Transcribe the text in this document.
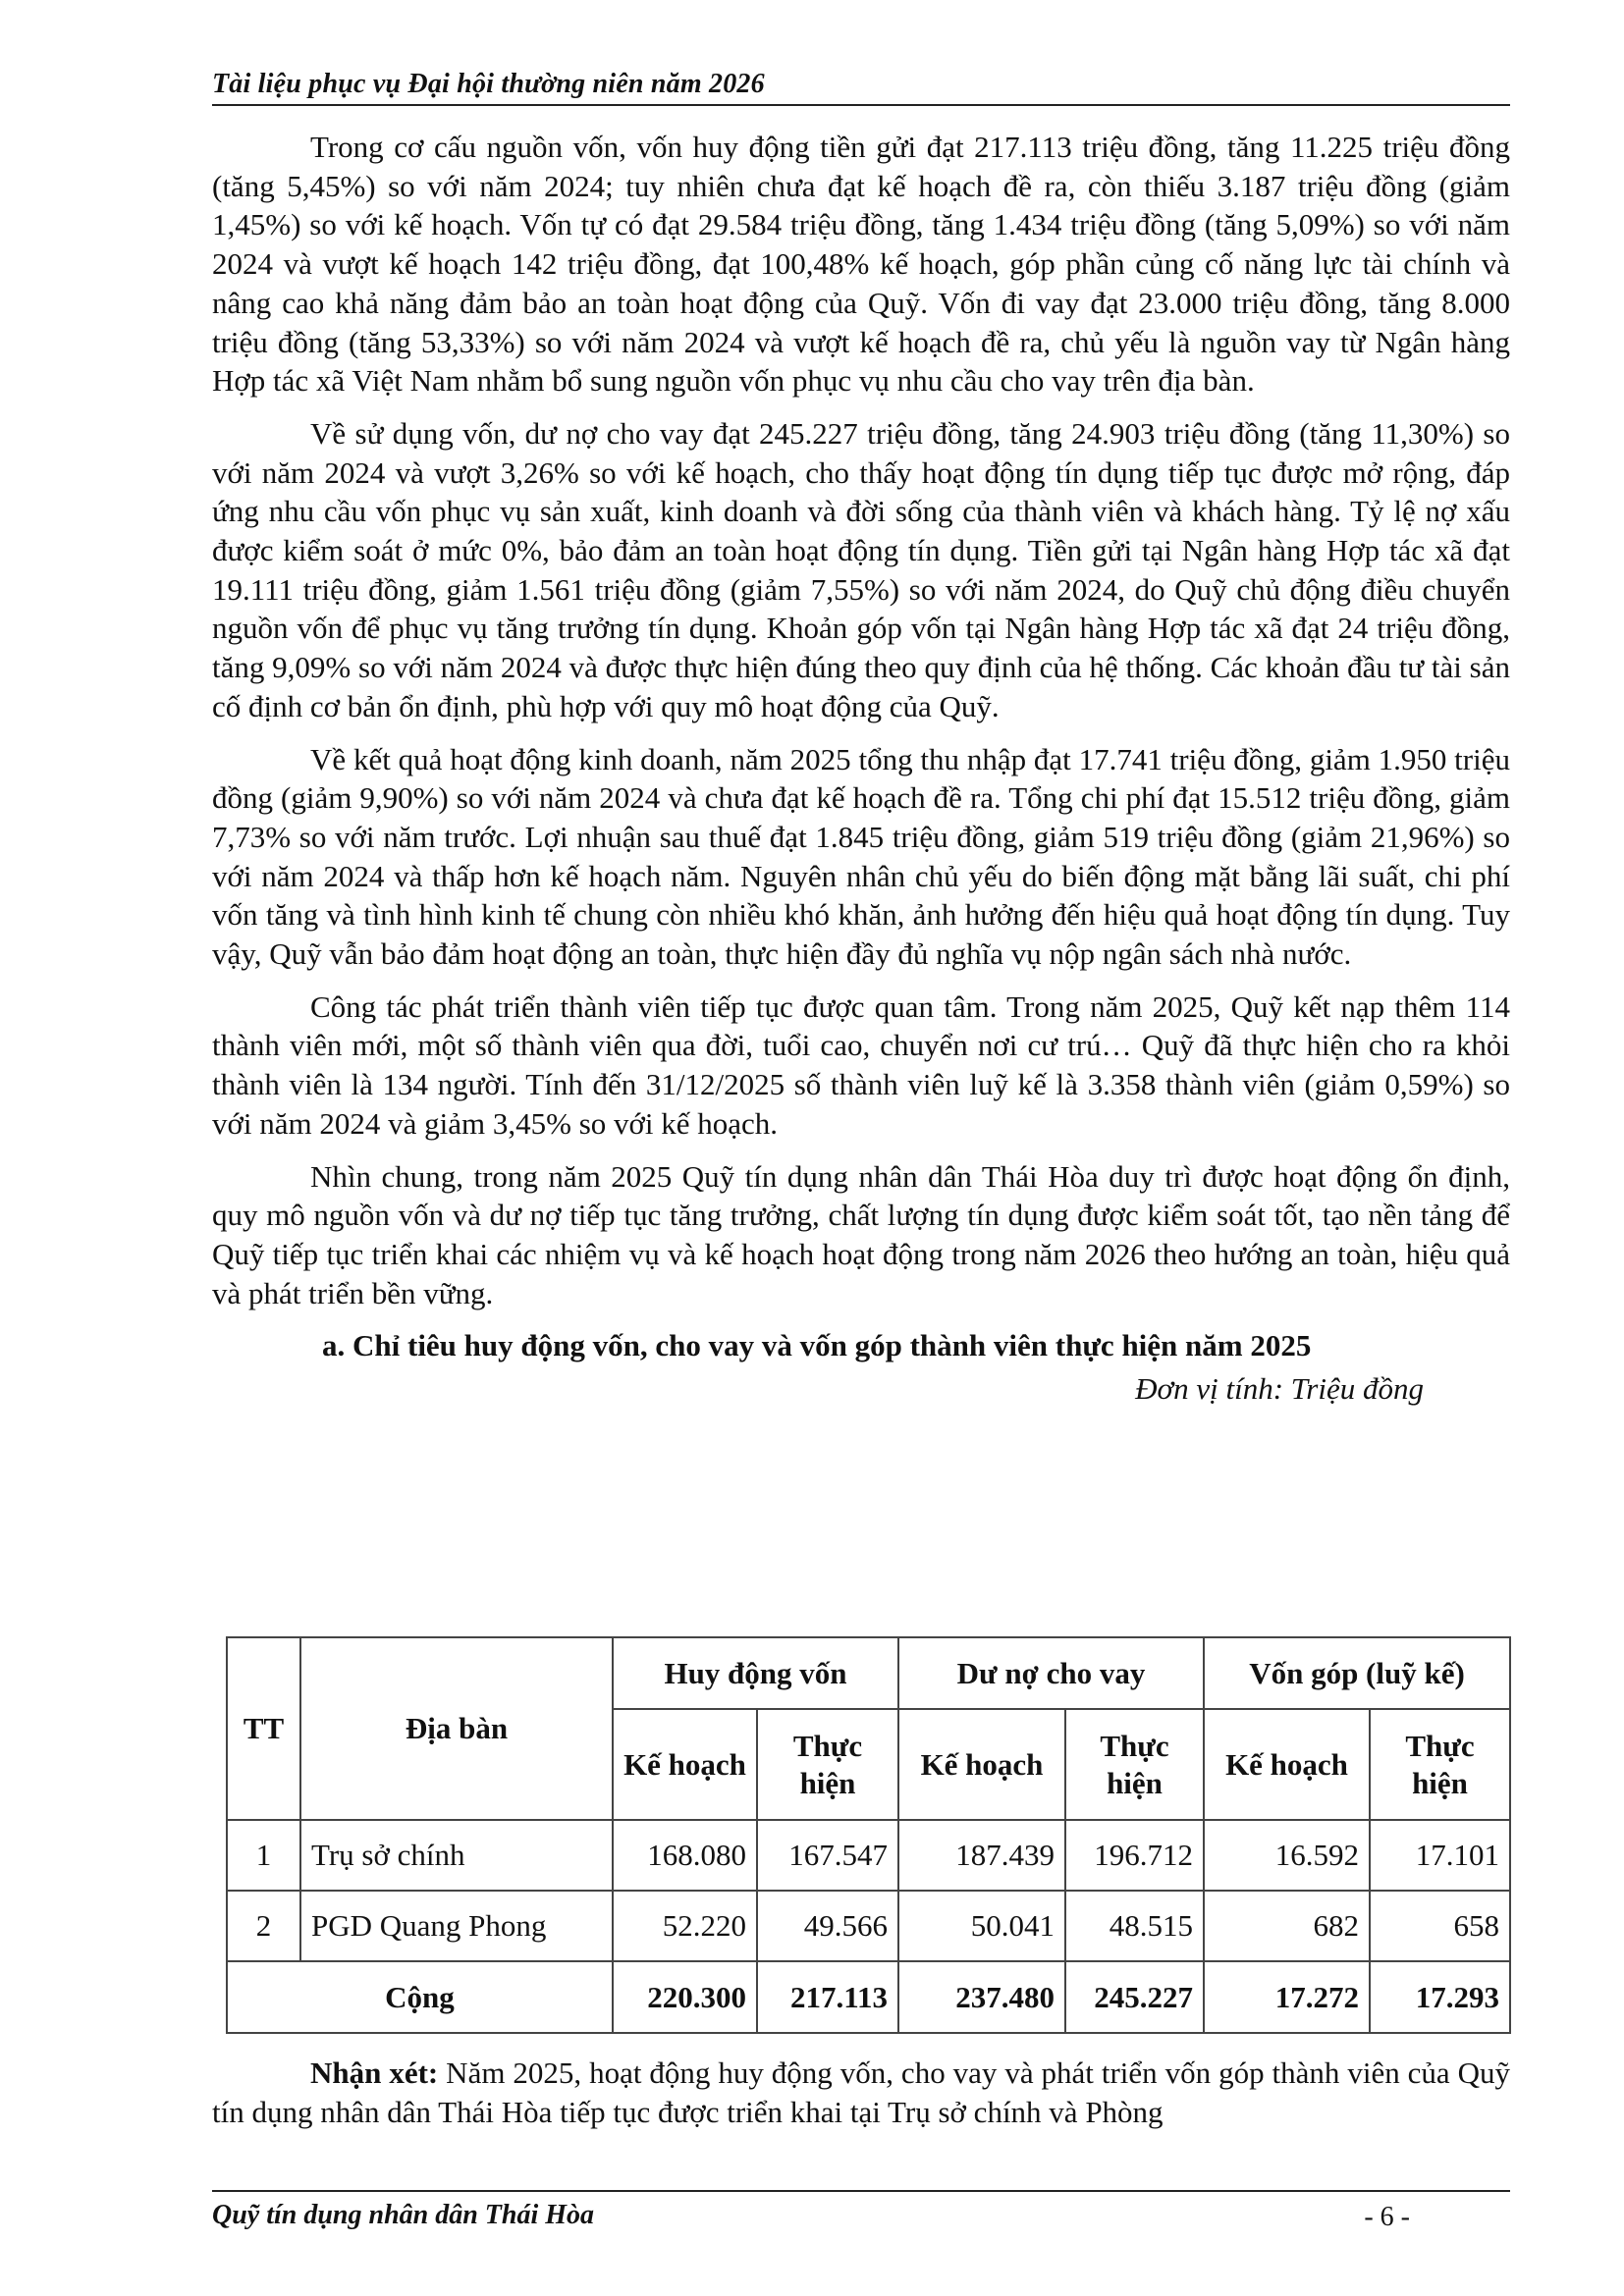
Tài liệu phục vụ Đại hội thường niên năm 2026

Trong cơ cấu nguồn vốn, vốn huy động tiền gửi đạt 217.113 triệu đồng, tăng 11.225 triệu đồng (tăng 5,45%) so với năm 2024; tuy nhiên chưa đạt kế hoạch đề ra, còn thiếu 3.187 triệu đồng (giảm 1,45%) so với kế hoạch. Vốn tự có đạt 29.584 triệu đồng, tăng 1.434 triệu đồng (tăng 5,09%) so với năm 2024 và vượt kế hoạch 142 triệu đồng, đạt 100,48% kế hoạch, góp phần củng cố năng lực tài chính và nâng cao khả năng đảm bảo an toàn hoạt động của Quỹ. Vốn đi vay đạt 23.000 triệu đồng, tăng 8.000 triệu đồng (tăng 53,33%) so với năm 2024 và vượt kế hoạch đề ra, chủ yếu là nguồn vay từ Ngân hàng Hợp tác xã Việt Nam nhằm bổ sung nguồn vốn phục vụ nhu cầu cho vay trên địa bàn.

Về sử dụng vốn, dư nợ cho vay đạt 245.227 triệu đồng, tăng 24.903 triệu đồng (tăng 11,30%) so với năm 2024 và vượt 3,26% so với kế hoạch, cho thấy hoạt động tín dụng tiếp tục được mở rộng, đáp ứng nhu cầu vốn phục vụ sản xuất, kinh doanh và đời sống của thành viên và khách hàng. Tỷ lệ nợ xấu được kiểm soát ở mức 0%, bảo đảm an toàn hoạt động tín dụng. Tiền gửi tại Ngân hàng Hợp tác xã đạt 19.111 triệu đồng, giảm 1.561 triệu đồng (giảm 7,55%) so với năm 2024, do Quỹ chủ động điều chuyển nguồn vốn để phục vụ tăng trưởng tín dụng. Khoản góp vốn tại Ngân hàng Hợp tác xã đạt 24 triệu đồng, tăng 9,09% so với năm 2024 và được thực hiện đúng theo quy định của hệ thống. Các khoản đầu tư tài sản cố định cơ bản ổn định, phù hợp với quy mô hoạt động của Quỹ.

Về kết quả hoạt động kinh doanh, năm 2025 tổng thu nhập đạt 17.741 triệu đồng, giảm 1.950 triệu đồng (giảm 9,90%) so với năm 2024 và chưa đạt kế hoạch đề ra. Tổng chi phí đạt 15.512 triệu đồng, giảm 7,73% so với năm trước. Lợi nhuận sau thuế đạt 1.845 triệu đồng, giảm 519 triệu đồng (giảm 21,96%) so với năm 2024 và thấp hơn kế hoạch năm. Nguyên nhân chủ yếu do biến động mặt bằng lãi suất, chi phí vốn tăng và tình hình kinh tế chung còn nhiều khó khăn, ảnh hưởng đến hiệu quả hoạt động tín dụng. Tuy vậy, Quỹ vẫn bảo đảm hoạt động an toàn, thực hiện đầy đủ nghĩa vụ nộp ngân sách nhà nước.

Công tác phát triển thành viên tiếp tục được quan tâm. Trong năm 2025, Quỹ kết nạp thêm 114 thành viên mới, một số thành viên qua đời, tuổi cao, chuyển nơi cư trú… Quỹ đã thực hiện cho ra khỏi thành viên là 134 người. Tính đến 31/12/2025 số thành viên luỹ kế là 3.358 thành viên (giảm 0,59%) so với năm 2024 và giảm 3,45% so với kế hoạch.

Nhìn chung, trong năm 2025 Quỹ tín dụng nhân dân Thái Hòa duy trì được hoạt động ổn định, quy mô nguồn vốn và dư nợ tiếp tục tăng trưởng, chất lượng tín dụng được kiểm soát tốt, tạo nền tảng để Quỹ tiếp tục triển khai các nhiệm vụ và kế hoạch hoạt động trong năm 2026 theo hướng an toàn, hiệu quả và phát triển bền vững.

a. Chỉ tiêu huy động vốn, cho vay và vốn góp thành viên thực hiện năm 2025
Đơn vị tính: Triệu đồng
TT	Địa bàn	Huy động vốn		Dư nợ cho vay		Vốn góp (luỹ kế)	
		Kế hoạch	Thực hiện	Kế hoạch	Thực hiện	Kế hoạch	Thực hiện
1	Trụ sở chính	168.080	167.547	187.439	196.712	16.592	17.101
2	PGD Quang Phong	52.220	49.566	50.041	48.515	682	658
Cộng		220.300	217.113	237.480	245.227	17.272	17.293

Nhận xét: Năm 2025, hoạt động huy động vốn, cho vay và phát triển vốn góp thành viên của Quỹ tín dụng nhân dân Thái Hòa tiếp tục được triển khai tại Trụ sở chính và Phòng

Quỹ tín dụng nhân dân Thái Hòa	- 6 -
